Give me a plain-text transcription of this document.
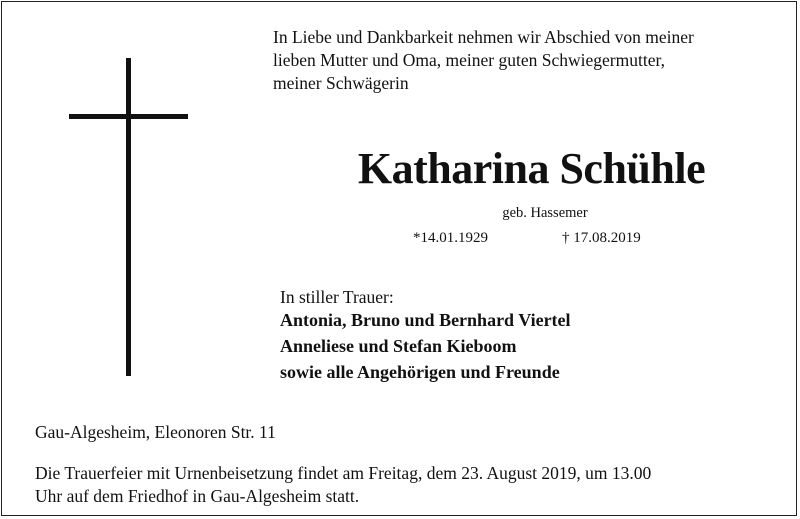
In Liebe und Dankbarkeit nehmen wir Abschied von meiner
lieben Mutter und Oma, meiner guten Schwiegermutter,
meiner Schwägerin
Katharina Schühle
geb. Hassemer
*14.01.1929	† 17.08.2019
In stiller Trauer:
Antonia, Bruno und Bernhard Viertel
Anneliese und Stefan Kieboom
sowie alle Angehörigen und Freunde
Gau-Algesheim, Eleonoren Str. 11
Die Trauerfeier mit Urnenbeisetzung findet am Freitag, dem 23. August 2019, um 13.00
Uhr auf dem Friedhof in Gau-Algesheim statt.
